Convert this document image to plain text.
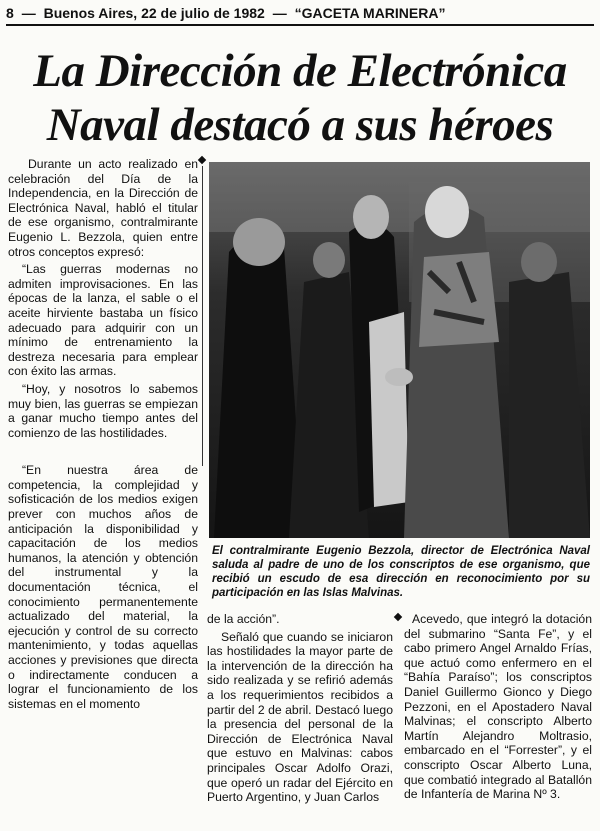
8 — Buenos Aires, 22 de julio de 1982 — “GACETA MARINERA”
La Dirección de Electrónica
Naval destacó a sus héroes

Durante un acto realizado en celebración del Día de la Independencia, en la Dirección de Electrónica Naval, habló el titular de ese organismo, contralmirante Eugenio L. Bezzola, quien entre otros conceptos expresó:

“Las guerras modernas no admiten improvisaciones. En las épocas de la lanza, el sable o el aceite hirviente bastaba un físico adecuado para adquirir con un mínimo de entrenamiento la destreza necesaria para emplear con éxito las armas.

“Hoy, y nosotros lo sabemos muy bien, las guerras se empiezan a ganar mucho tiempo antes del comienzo de las hostilidades.

“En nuestra área de competencia, la complejidad y sofisticación de los medios exigen prever con muchos años de anticipación la disponibilidad y capacitación de los medios humanos, la atención y obtención del instrumental y la documentación técnica, el conocimiento permanentemente actualizado del material, la ejecución y control de su correcto mantenimiento, y todas aquellas acciones y previsiones que directa o indirectamente conducen a lograr el funcionamiento de los sistemas en el momento

El contralmirante Eugenio Bezzola, director de Electrónica Naval saluda al padre de uno de los conscriptos de ese organismo, que recibió un escudo de esa dirección en reconocimiento por su participación en las Islas Malvinas.

de la acción”.

Señaló que cuando se iniciaron las hostilidades la mayor parte de la intervención de la dirección ha sido realizada y se refirió además a los requerimientos recibidos a partir del 2 de abril. Destacó luego la presencia del personal de la Dirección de Electrónica Naval que estuvo en Malvinas: cabos principales Oscar Adolfo Orazi, que operó un radar del Ejército en Puerto Argentino, y Juan Carlos

Acevedo, que integró la dotación del submarino “Santa Fe”, y el cabo primero Angel Arnaldo Frías, que actuó como enfermero en el “Bahía Paraíso”; los conscriptos Daniel Guillermo Gionco y Diego Pezzoni, en el Apostadero Naval Malvinas; el conscripto Alberto Martín Alejandro Moltrasio, embarcado en el “Forrester”, y el conscripto Oscar Alberto Luna, que combatió integrado al Batallón de Infantería de Marina Nº 3.
